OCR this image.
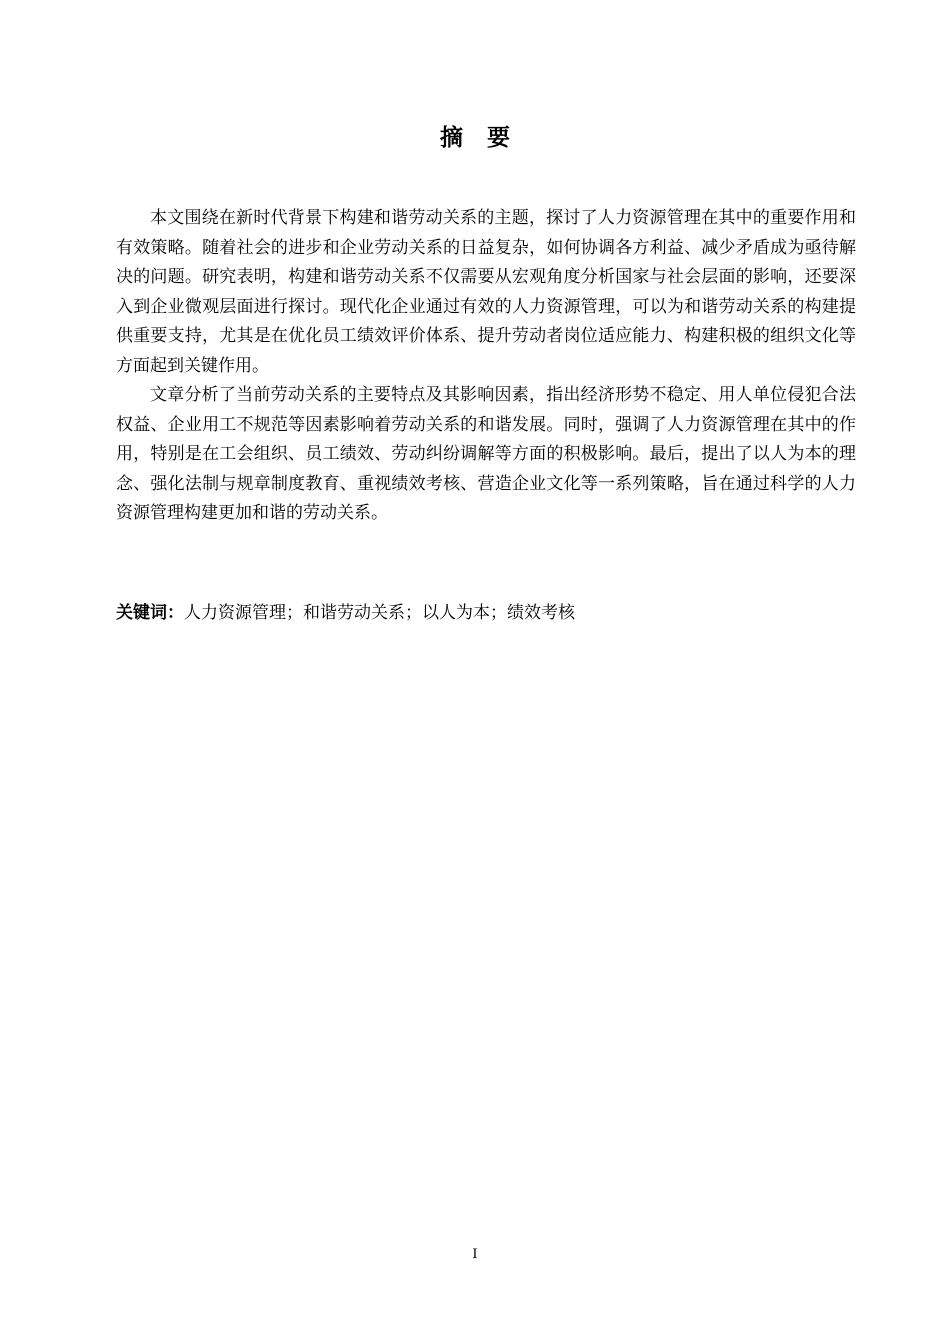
摘要

本文围绕在新时代背景下构建和谐劳动关系的主题，探讨了人力资源管理在其中的重要作用和有效策略。随着社会的进步和企业劳动关系的日益复杂，如何协调各方利益、减少矛盾成为亟待解决的问题。研究表明，构建和谐劳动关系不仅需要从宏观角度分析国家与社会层面的影响，还要深入到企业微观层面进行探讨。现代化企业通过有效的人力资源管理，可以为和谐劳动关系的构建提供重要支持，尤其是在优化员工绩效评价体系、提升劳动者岗位适应能力、构建积极的组织文化等方面起到关键作用。

文章分析了当前劳动关系的主要特点及其影响因素，指出经济形势不稳定、用人单位侵犯合法权益、企业用工不规范等因素影响着劳动关系的和谐发展。同时，强调了人力资源管理在其中的作用，特别是在工会组织、员工绩效、劳动纠纷调解等方面的积极影响。最后，提出了以人为本的理念、强化法制与规章制度教育、重视绩效考核、营造企业文化等一系列策略，旨在通过科学的人力资源管理构建更加和谐的劳动关系。

关键词：人力资源管理；和谐劳动关系；以人为本；绩效考核
I
